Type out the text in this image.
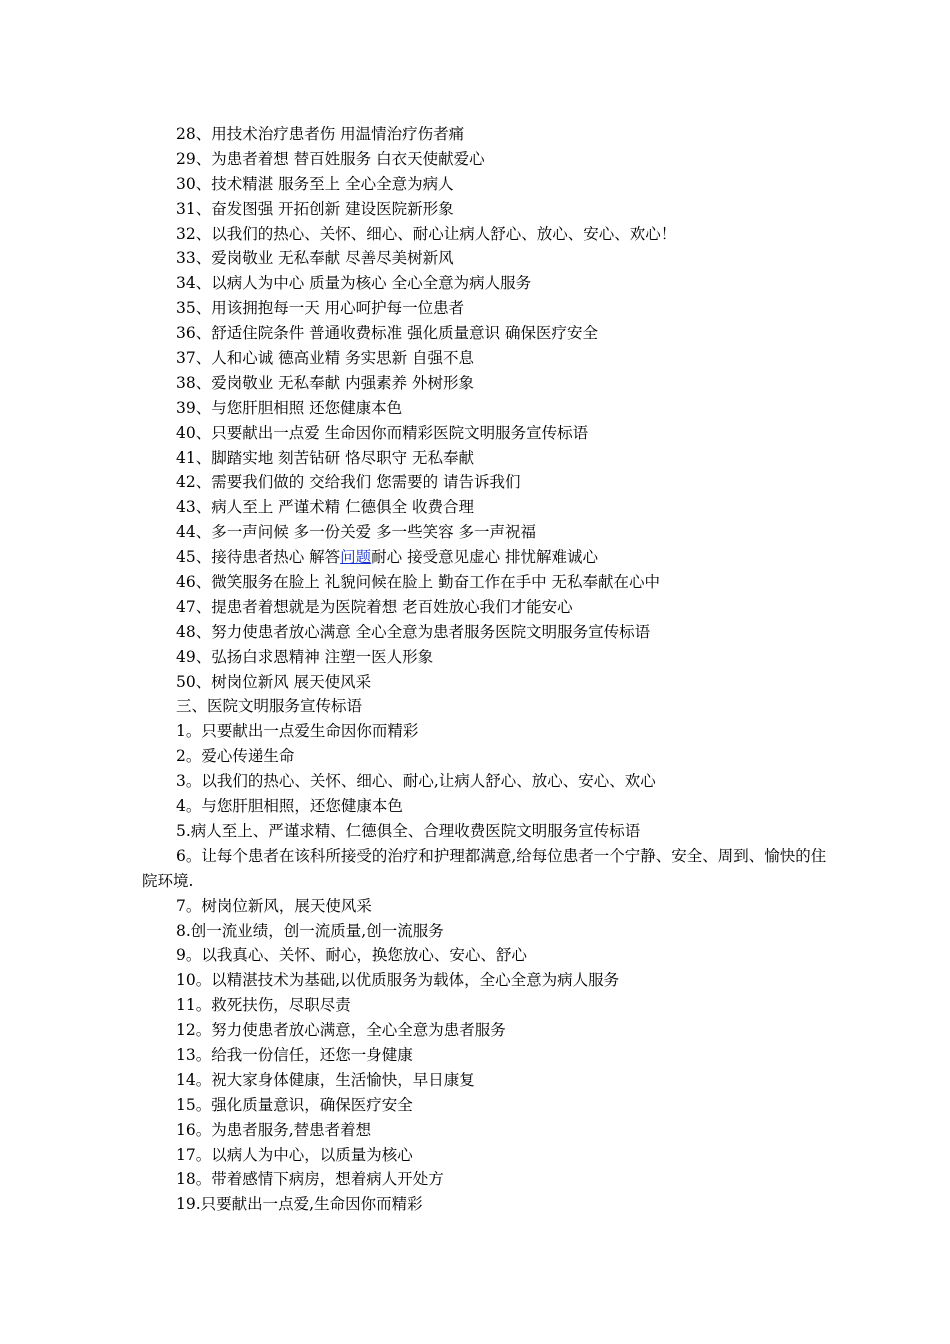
28、用技术治疗患者伤 用温情治疗伤者痛
29、为患者着想 替百姓服务 白衣天使献爱心
30、技术精湛 服务至上 全心全意为病人
31、奋发图强 开拓创新 建设医院新形象
32、以我们的热心、关怀、细心、耐心让病人舒心、放心、安心、欢心！
33、爱岗敬业 无私奉献 尽善尽美树新风
34、以病人为中心 质量为核心 全心全意为病人服务
35、用该拥抱每一天 用心呵护每一位患者
36、舒适住院条件 普通收费标准 强化质量意识 确保医疗安全
37、人和心诚 德高业精 务实思新 自强不息
38、爱岗敬业 无私奉献 内强素养 外树形象
39、与您肝胆相照 还您健康本色
40、只要献出一点爱 生命因你而精彩医院文明服务宣传标语
41、脚踏实地 刻苦钻研 恪尽职守 无私奉献
42、需要我们做的 交给我们 您需要的 请告诉我们
43、病人至上 严谨术精 仁德俱全 收费合理
44、多一声问候 多一份关爱 多一些笑容 多一声祝福
45、接待患者热心 解答问题耐心 接受意见虚心 排忧解难诚心
46、微笑服务在脸上 礼貌问候在脸上 勤奋工作在手中 无私奉献在心中
47、提患者着想就是为医院着想 老百姓放心我们才能安心
48、努力使患者放心满意 全心全意为患者服务医院文明服务宣传标语
49、弘扬白求恩精神 注塑一医人形象
50、树岗位新风 展天使风采
三、医院文明服务宣传标语
1。只要献出一点爱生命因你而精彩
2。爱心传递生命
3。以我们的热心、关怀、细心、耐心,让病人舒心、放心、安心、欢心
4。与您肝胆相照，还您健康本色
5.病人至上、严谨求精、仁德俱全、合理收费医院文明服务宣传标语
6。让每个患者在该科所接受的治疗和护理都满意,给每位患者一个宁静、安全、周到、愉快的住院环境.
7。树岗位新风，展天使风采
8.创一流业绩，创一流质量,创一流服务
9。以我真心、关怀、耐心，换您放心、安心、舒心
10。以精湛技术为基础,以优质服务为载体，全心全意为病人服务
11。救死扶伤，尽职尽责
12。努力使患者放心满意，全心全意为患者服务
13。给我一份信任，还您一身健康
14。祝大家身体健康，生活愉快，早日康复
15。强化质量意识，确保医疗安全
16。为患者服务,替患者着想
17。以病人为中心，以质量为核心
18。带着感情下病房，想着病人开处方
19.只要献出一点爱,生命因你而精彩
